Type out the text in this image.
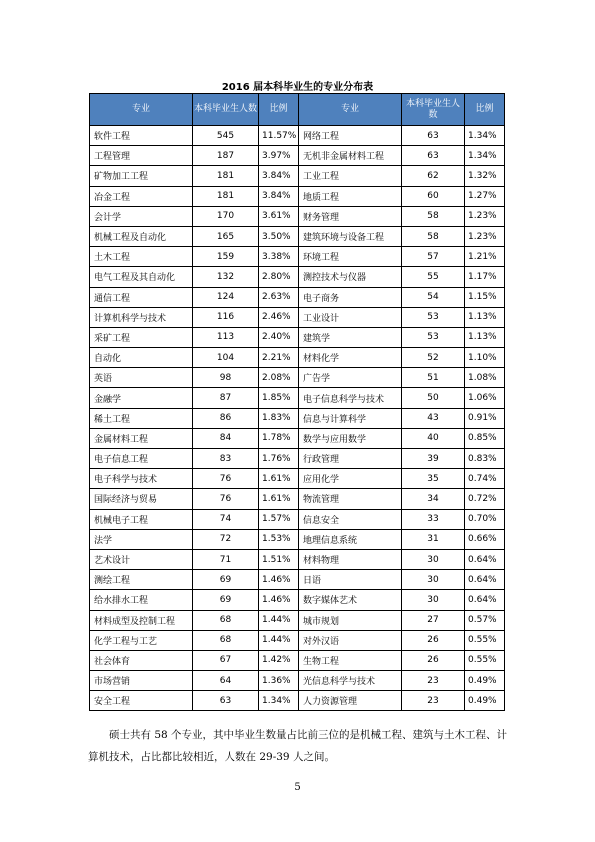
2016 届本科毕业生的专业分布表
专业	本科毕业生人数	比例	专业	本科毕业生人数	比例
软件工程	545	11.57%	网络工程	63	1.34%
工程管理	187	3.97%	无机非金属材料工程	63	1.34%
矿物加工工程	181	3.84%	工业工程	62	1.32%
冶金工程	181	3.84%	地质工程	60	1.27%
会计学	170	3.61%	财务管理	58	1.23%
机械工程及自动化	165	3.50%	建筑环境与设备工程	58	1.23%
土木工程	159	3.38%	环境工程	57	1.21%
电气工程及其自动化	132	2.80%	测控技术与仪器	55	1.17%
通信工程	124	2.63%	电子商务	54	1.15%
计算机科学与技术	116	2.46%	工业设计	53	1.13%
采矿工程	113	2.40%	建筑学	53	1.13%
自动化	104	2.21%	材料化学	52	1.10%
英语	98	2.08%	广告学	51	1.08%
金融学	87	1.85%	电子信息科学与技术	50	1.06%
稀土工程	86	1.83%	信息与计算科学	43	0.91%
金属材料工程	84	1.78%	数学与应用数学	40	0.85%
电子信息工程	83	1.76%	行政管理	39	0.83%
电子科学与技术	76	1.61%	应用化学	35	0.74%
国际经济与贸易	76	1.61%	物流管理	34	0.72%
机械电子工程	74	1.57%	信息安全	33	0.70%
法学	72	1.53%	地理信息系统	31	0.66%
艺术设计	71	1.51%	材料物理	30	0.64%
测绘工程	69	1.46%	日语	30	0.64%
给水排水工程	69	1.46%	数字媒体艺术	30	0.64%
材料成型及控制工程	68	1.44%	城市规划	27	0.57%
化学工程与工艺	68	1.44%	对外汉语	26	0.55%
社会体育	67	1.42%	生物工程	26	0.55%
市场营销	64	1.36%	光信息科学与技术	23	0.49%
安全工程	63	1.34%	人力资源管理	23	0.49%
硕士共有 58 个专业，其中毕业生数量占比前三位的是机械工程、建筑与土木工程、计算机技术，占比都比较相近，人数在 29-39 人之间。
5
